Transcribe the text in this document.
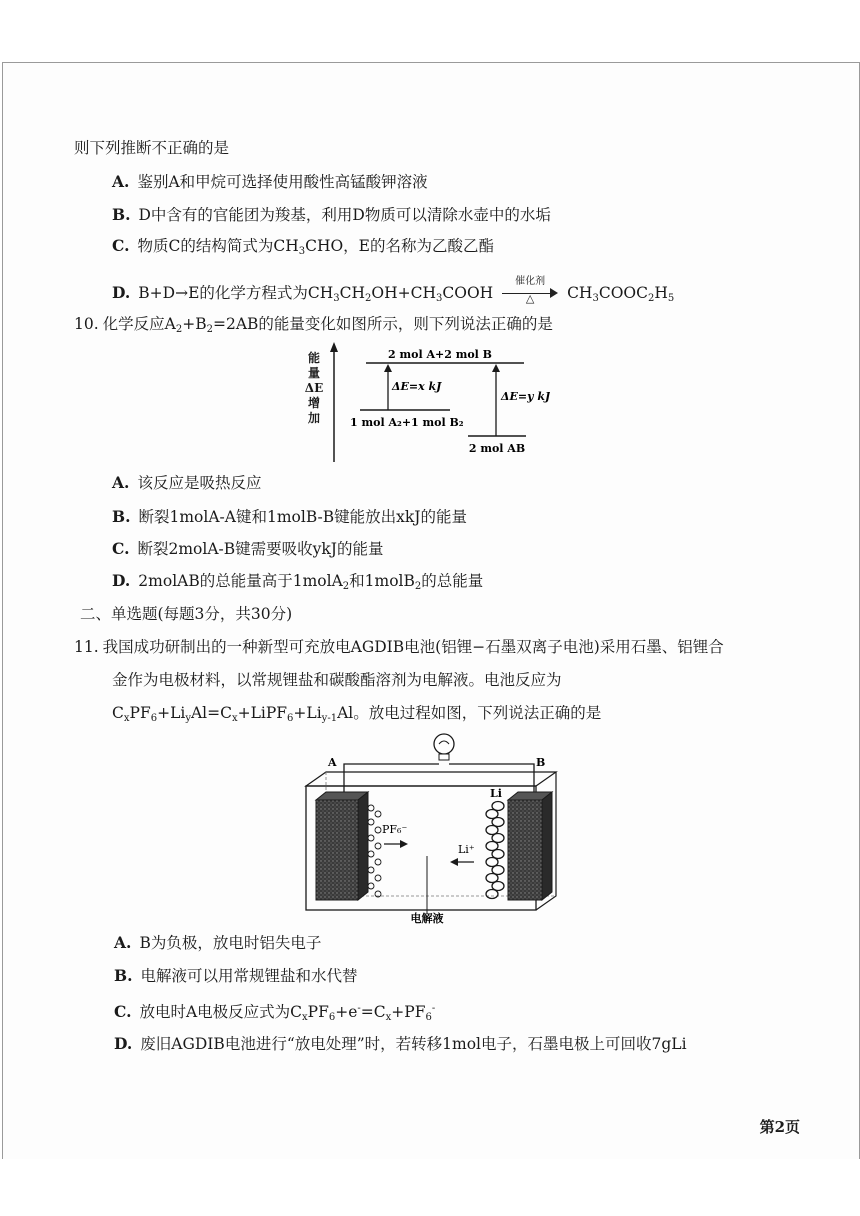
则下列推断不正确的是
A. 鉴别A和甲烷可选择使用酸性高锰酸钾溶液
B. D中含有的官能团为羧基，利用D物质可以清除水壶中的水垢
C. 物质C的结构简式为$CH_3CHO$，E的名称为乙酸乙酯
D. B+D→E的化学方程式为$CH_3CH_2OH+CH_3COOH$
催化剂
△	$CH_3COOC_2H_5$
10. 化学反应$A_2+B_2=2AB$的能量变化如图所示，则下列说法正确的是
能
量
ΔE
增
加
2 mol A+2 mol B
1 mol A₂+1 mol B₂
2 mol AB
ΔE=x kJ
ΔE=y kJ
A. 该反应是吸热反应
B. 断裂1molA-A键和1molB-B键能放出xkJ的能量
C. 断裂2molA-B键需要吸收ykJ的能量
D. 2molAB的总能量高于1molA$_2$和1molB$_2$的总能量
二、单选题(每题3分，共30分)
11. 我国成功研制出的一种新型可充放电AGDIB电池(铝锂−石墨双离子电池)采用石墨、铝锂合
金作为电极材料，以常规锂盐和碳酸酯溶剂为电解液。电池反应为
$C_xPF_6+Li_yAl=C_x+LiPF_6+Li_{y-1}Al$。放电过程如图，下列说法正确的是
A	B
Li
PF₆⁻
Li⁺
电解液
A. B为负极，放电时铝失电子
B. 电解液可以用常规锂盐和水代替
C. 放电时A电极反应式为$C_xPF_6+e^-=C_x+PF_6^-$
D. 废旧AGDIB电池进行“放电处理”时，若转移1mol电子，石墨电极上可回收7gLi
第2页
